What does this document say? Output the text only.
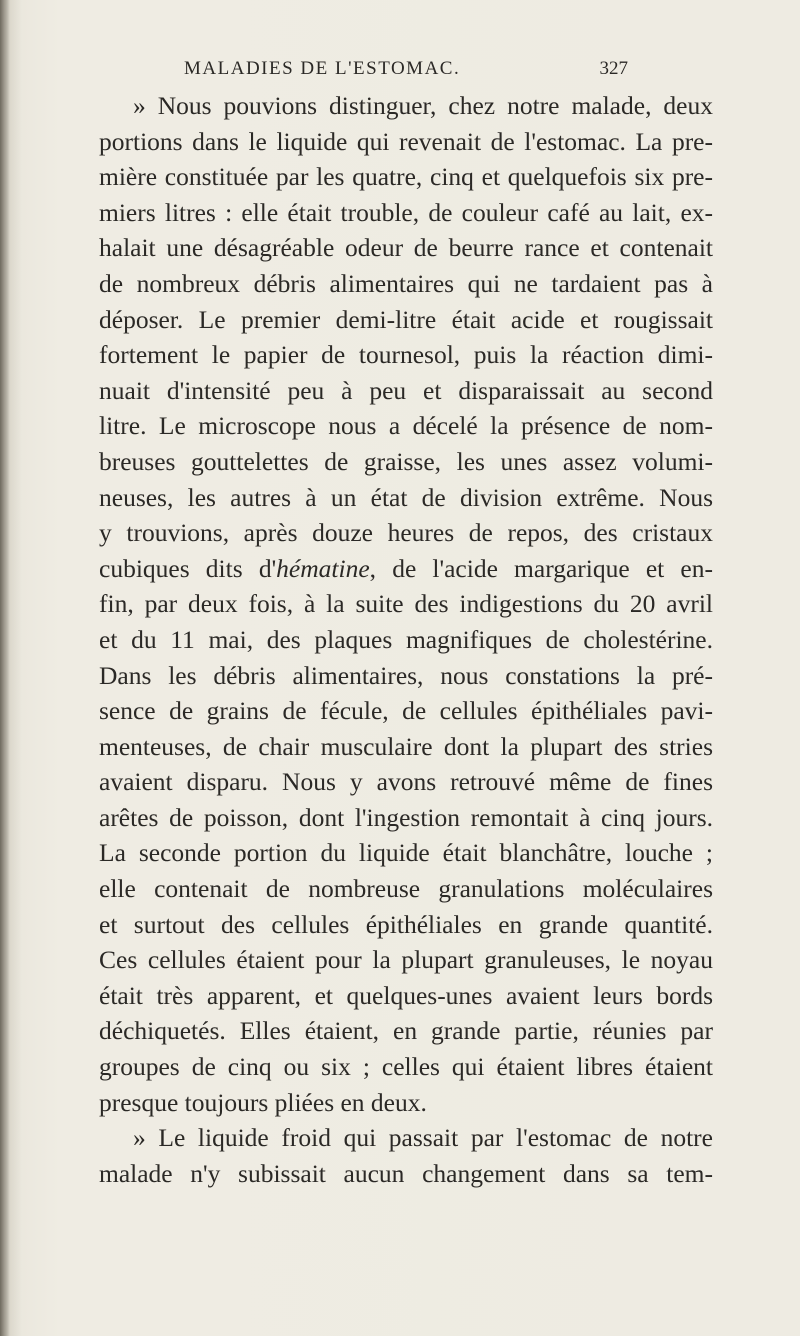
MALADIES DE L'ESTOMAC.	327
» Nous pouvions distinguer, chez notre malade, deux
portions dans le liquide qui revenait de l'estomac. La pre-
mière constituée par les quatre, cinq et quelquefois six pre-
miers litres : elle était trouble, de couleur café au lait, ex-
halait une désagréable odeur de beurre rance et contenait
de nombreux débris alimentaires qui ne tardaient pas à
déposer. Le premier demi-litre était acide et rougissait
fortement le papier de tournesol, puis la réaction dimi-
nuait d'intensité peu à peu et disparaissait au second
litre. Le microscope nous a décelé la présence de nom-
breuses gouttelettes de graisse, les unes assez volumi-
neuses, les autres à un état de division extrême. Nous
y trouvions, après douze heures de repos, des cristaux
cubiques dits d'hématine, de l'acide margarique et en-
fin, par deux fois, à la suite des indigestions du 20 avril
et du 11 mai, des plaques magnifiques de cholestérine.
Dans les débris alimentaires, nous constations la pré-
sence de grains de fécule, de cellules épithéliales pavi-
menteuses, de chair musculaire dont la plupart des stries
avaient disparu. Nous y avons retrouvé même de fines
arêtes de poisson, dont l'ingestion remontait à cinq jours.
La seconde portion du liquide était blanchâtre, louche ;
elle contenait de nombreuse granulations moléculaires
et surtout des cellules épithéliales en grande quantité.
Ces cellules étaient pour la plupart granuleuses, le noyau
était très apparent, et quelques-unes avaient leurs bords
déchiquetés. Elles étaient, en grande partie, réunies par
groupes de cinq ou six ; celles qui étaient libres étaient
presque toujours pliées en deux.
» Le liquide froid qui passait par l'estomac de notre
malade n'y subissait aucun changement dans sa tem-
